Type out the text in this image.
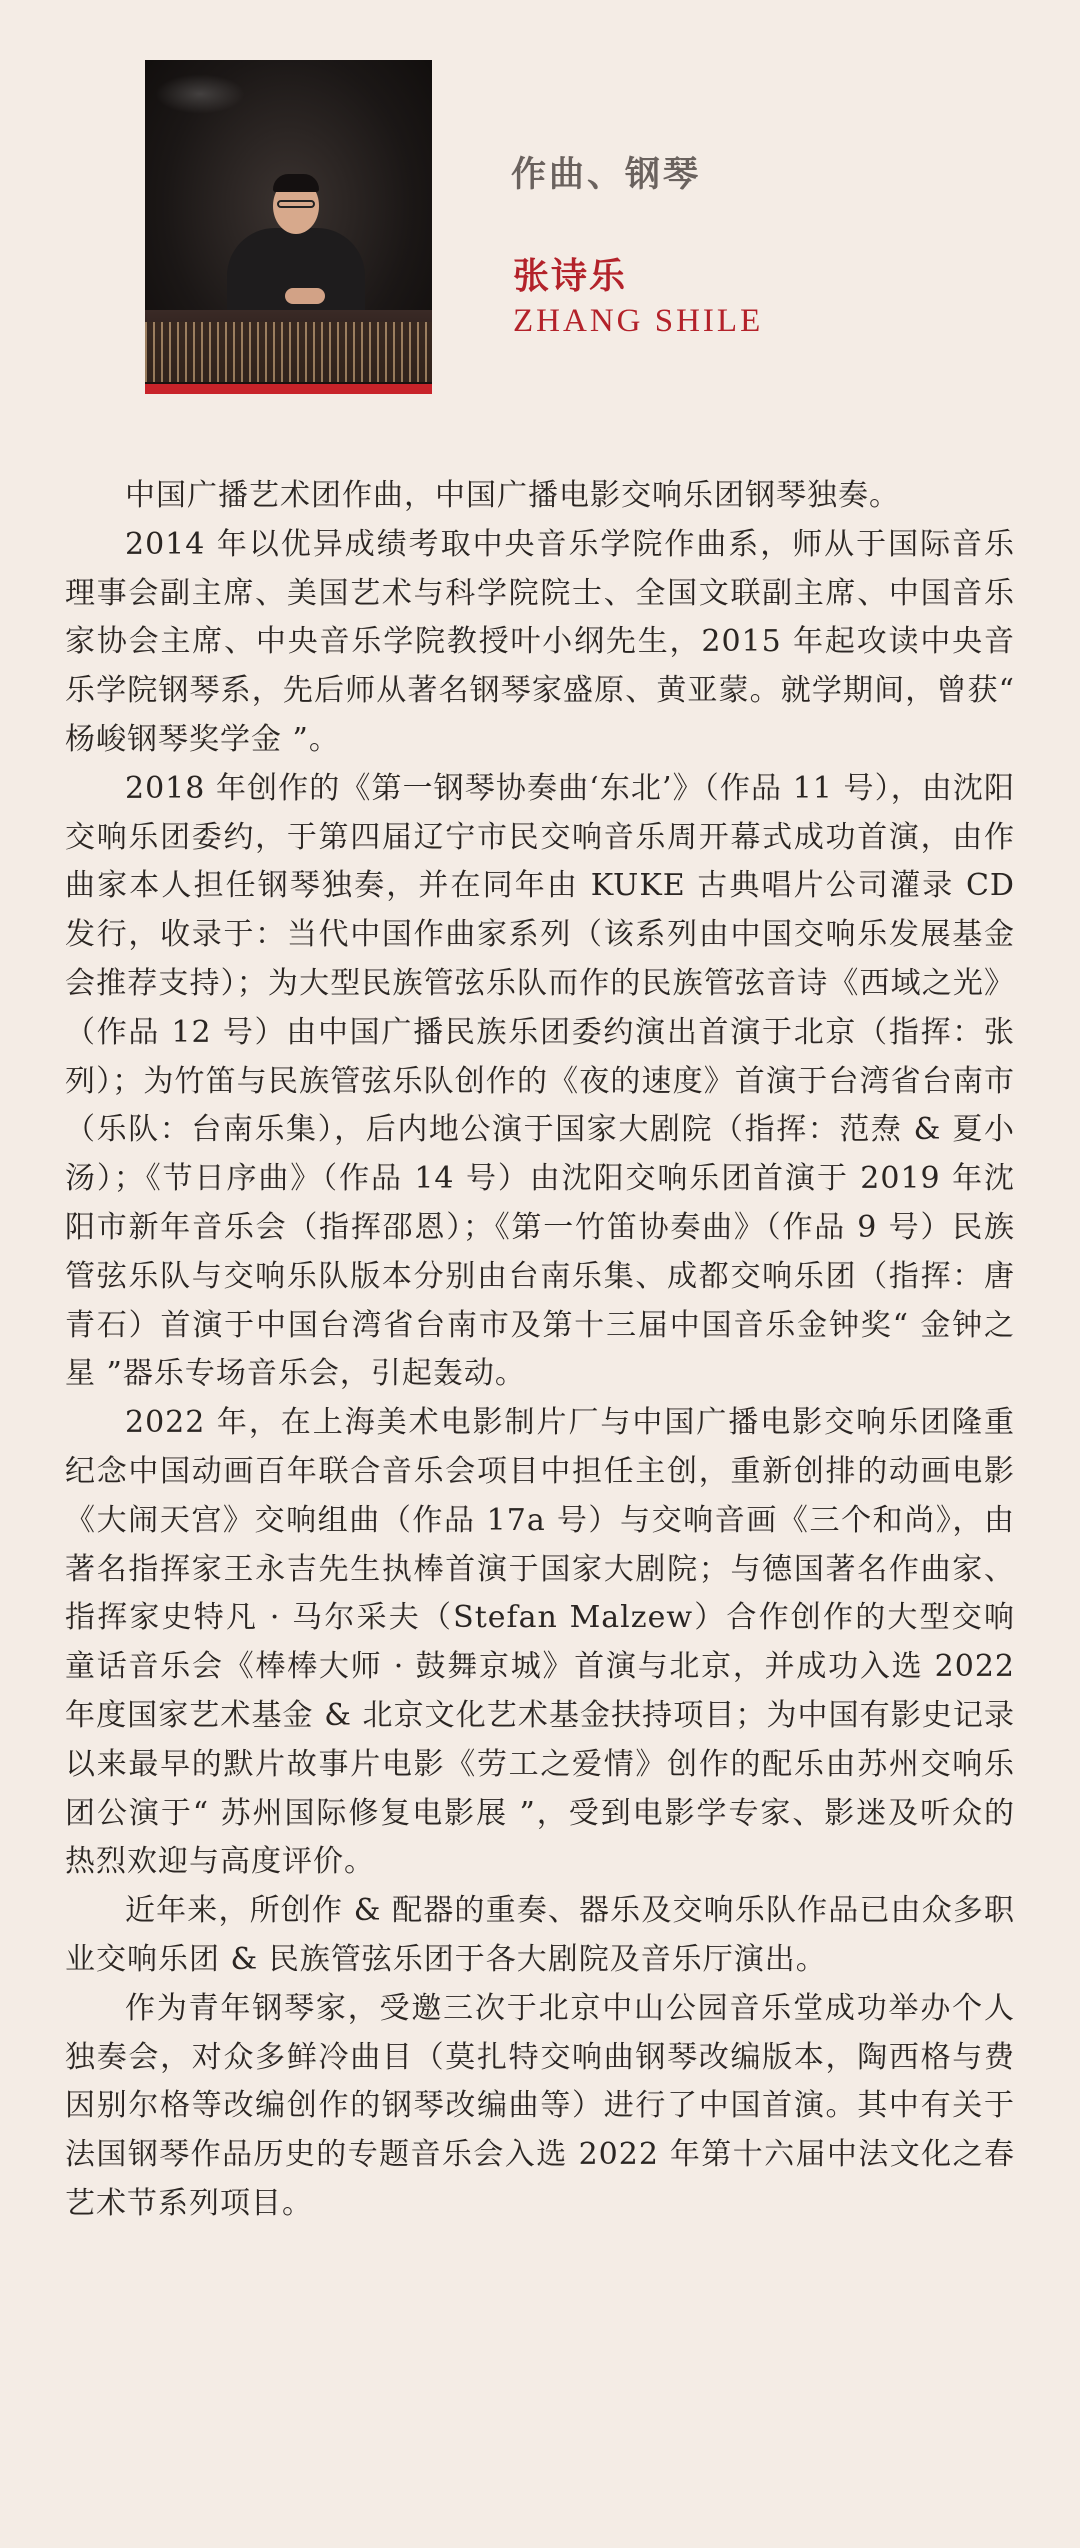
作曲、钢琴
张诗乐
ZHANG SHILE

中国广播艺术团作曲，中国广播电影交响乐团钢琴独奏。

2014 年以优异成绩考取中央音乐学院作曲系，师从于国际音乐理事会副主席、美国艺术与科学院院士、全国文联副主席、中国音乐家协会主席、中央音乐学院教授叶小纲先生，2015 年起攻读中央音乐学院钢琴系，先后师从著名钢琴家盛原、黄亚蒙。就学期间，曾获“ 杨峻钢琴奖学金 ”。

2018 年创作的《第一钢琴协奏曲‘东北’》（作品 11 号），由沈阳交响乐团委约，于第四届辽宁市民交响音乐周开幕式成功首演，由作曲家本人担任钢琴独奏，并在同年由 KUKE 古典唱片公司灌录 CD 发行，收录于：当代中国作曲家系列（该系列由中国交响乐发展基金会推荐支持）；为大型民族管弦乐队而作的民族管弦音诗《西域之光》（作品 12 号）由中国广播民族乐团委约演出首演于北京（指挥：张列）；为竹笛与民族管弦乐队创作的《夜的速度》首演于台湾省台南市（乐队：台南乐集），后内地公演于国家大剧院（指挥：范焘 & 夏小汤）；《节日序曲》（作品 14 号）由沈阳交响乐团首演于 2019 年沈阳市新年音乐会（指挥邵恩）；《第一竹笛协奏曲》（作品 9 号）民族管弦乐队与交响乐队版本分别由台南乐集、成都交响乐团（指挥：唐青石）首演于中国台湾省台南市及第十三届中国音乐金钟奖“ 金钟之星 ”器乐专场音乐会，引起轰动。

2022 年，在上海美术电影制片厂与中国广播电影交响乐团隆重纪念中国动画百年联合音乐会项目中担任主创，重新创排的动画电影《大闹天宫》交响组曲（作品 17a 号）与交响音画《三个和尚》，由著名指挥家王永吉先生执棒首演于国家大剧院；与德国著名作曲家、指挥家史特凡 · 马尔采夫（Stefan Malzew）合作创作的大型交响童话音乐会《棒棒大师 · 鼓舞京城》首演与北京，并成功入选 2022 年度国家艺术基金 & 北京文化艺术基金扶持项目；为中国有影史记录以来最早的默片故事片电影《劳工之爱情》创作的配乐由苏州交响乐团公演于“ 苏州国际修复电影展 ”，受到电影学专家、影迷及听众的热烈欢迎与高度评价。

近年来，所创作 & 配器的重奏、器乐及交响乐队作品已由众多职业交响乐团 & 民族管弦乐团于各大剧院及音乐厅演出。

作为青年钢琴家，受邀三次于北京中山公园音乐堂成功举办个人独奏会，对众多鲜冷曲目（莫扎特交响曲钢琴改编版本，陶西格与费因别尔格等改编创作的钢琴改编曲等）进行了中国首演。其中有关于法国钢琴作品历史的专题音乐会入选 2022 年第十六届中法文化之春艺术节系列项目。
